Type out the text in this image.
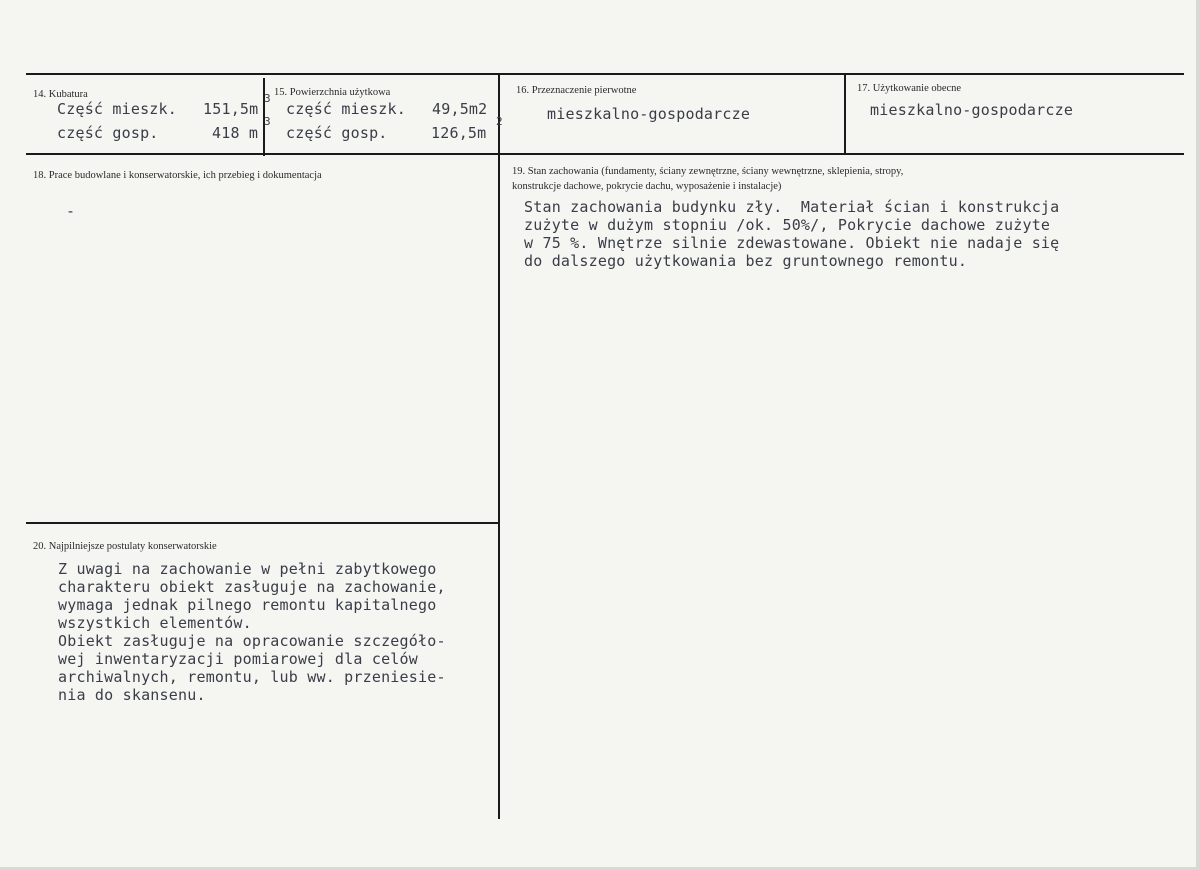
14. Kubatura
Część mieszk. 151,5m
3
część gosp.	418 m
3
15. Powierzchnia użytkowa
część mieszk. 49,5m2
część gosp.	126,5m
2
16. Przeznaczenie pierwotne
mieszkalno-gospodarcze
17. Użytkowanie obecne
mieszkalno-gospodarcze
18. Prace budowlane i konserwatorskie, ich przebieg i dokumentacja
-
19. Stan zachowania (fundamenty, ściany zewnętrzne, ściany wewnętrzne, sklepienia, stropy,
konstrukcje dachowe, pokrycie dachu, wyposażenie i instalacje)
Stan zachowania budynku zły.  Materiał ścian i konstrukcja
zużyte w dużym stopniu /ok. 50%/, Pokrycie dachowe zużyte
w 75 %. Wnętrze silnie zdewastowane. Obiekt nie nadaje się
do dalszego użytkowania bez gruntownego remontu.
20. Najpilniejsze postulaty konserwatorskie
Z uwagi na zachowanie w pełni zabytkowego
charakteru obiekt zasługuje na zachowanie,
wymaga jednak pilnego remontu kapitalnego
wszystkich elementów.
Obiekt zasługuje na opracowanie szczegóło-
wej inwentaryzacji pomiarowej dla celów
archiwalnych, remontu, lub ww. przeniesie-
nia do skansenu.
